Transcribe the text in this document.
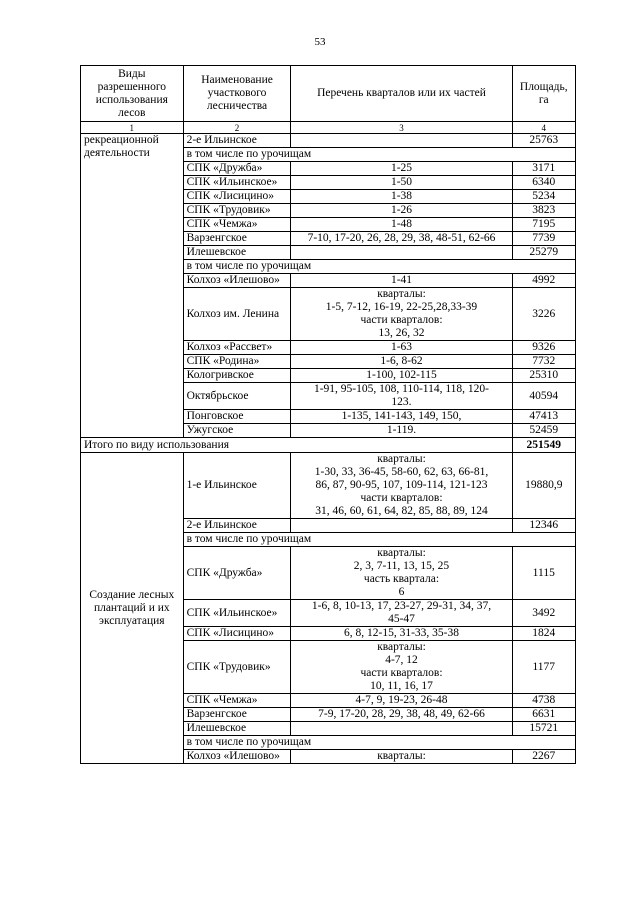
53
Виды разрешенного использования лесов	Наименование участкового лесничества	Перечень кварталов или их частей	Площадь, га
1	2	3	4
рекреационной деятельности	2-е Ильинское		25763
	в том числе по урочищам		
	СПК «Дружба»	1-25	3171
	СПК «Ильинское»	1-50	6340
	СПК «Лисицино»	1-38	5234
	СПК «Трудовик»	1-26	3823
	СПК «Чемжа»	1-48	7195
	Варзенгское	7-10, 17-20, 26, 28, 29, 38, 48-51, 62-66	7739
	Илешевское		25279
	в том числе по урочищам		
	Колхоз «Илешово»	1-41	4992
	Колхоз им. Ленина	кварталы:
1-5, 7-12, 16-19, 22-25,28,33-39
части кварталов:
13, 26, 32	3226
	Колхоз «Рассвет»	1-63	9326
	СПК «Родина»	1-6, 8-62	7732
	Кологривское	1-100, 102-115	25310
	Октябрьское	1-91, 95-105, 108, 110-114, 118, 120-
123.	40594
	Понговское	1-135, 141-143, 149, 150,	47413
	Ужугское	1-119.	52459
Итого по виду использования			251549
Создание лесных плантаций и их эксплуатация	1-е Ильинское	кварталы:
1-30, 33, 36-45, 58-60, 62, 63, 66-81,
86, 87, 90-95, 107, 109-114, 121-123
части кварталов:
31, 46, 60, 61, 64, 82, 85, 88, 89, 124	19880,9
	2-е Ильинское		12346
	в том числе по урочищам		
	СПК «Дружба»	кварталы:
2, 3, 7-11, 13, 15, 25
часть квартала:
6	1115
	СПК «Ильинское»	1-6, 8, 10-13, 17, 23-27, 29-31, 34, 37,
45-47	3492
	СПК «Лисицино»	6, 8, 12-15, 31-33, 35-38	1824
	СПК «Трудовик»	кварталы:
4-7, 12
части кварталов:
10, 11, 16, 17	1177
	СПК «Чемжа»	4-7, 9, 19-23, 26-48	4738
	Варзенгское	7-9, 17-20, 28, 29, 38, 48, 49, 62-66	6631
	Илешевское		15721
	в том числе по урочищам		
	Колхоз «Илешово»	кварталы:	2267
